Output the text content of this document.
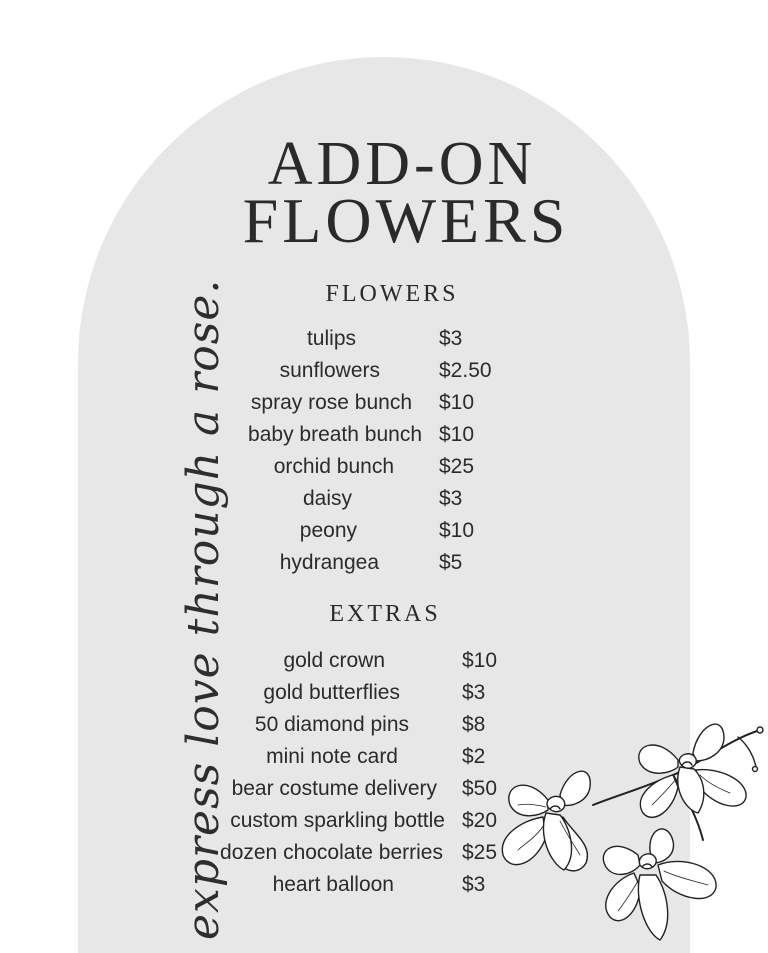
ADD-ON
FLOWERS
express love through a rose.	FLOWERS
tulips	$3
sunflowers	$2.50
spray rose bunch $10
baby breath bunch $10
orchid bunch $25
daisy	$3
peony	$10
hydrangea	$5
EXTRAS
gold crown	$10
gold butterflies	$3
50 diamond pins	$8
mini note card	$2
bear costume delivery $50
custom sparkling bottle $20
dozen chocolate berries $25
heart balloon	$3
